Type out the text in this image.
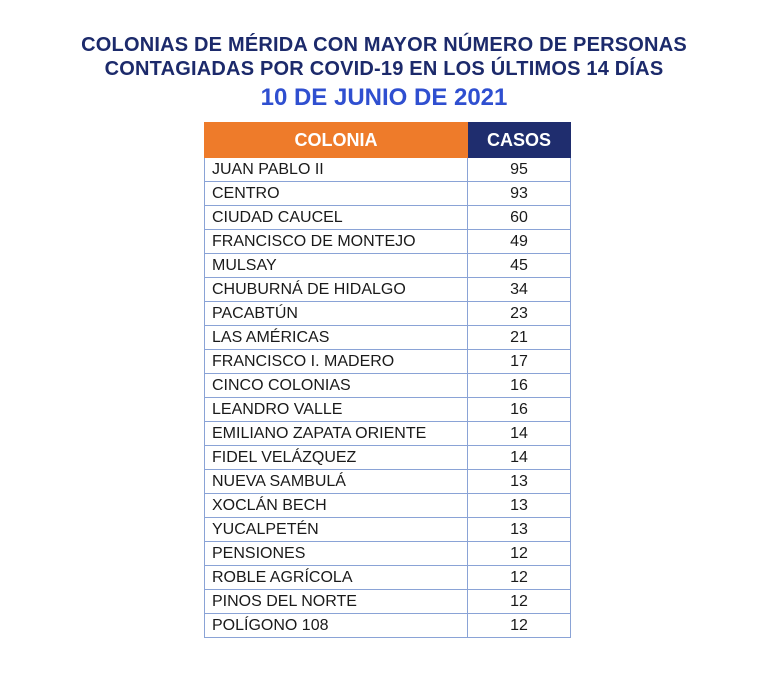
COLONIAS DE MÉRIDA CON MAYOR NÚMERO DE PERSONAS
CONTAGIADAS POR COVID-19 EN LOS ÚLTIMOS 14 DÍAS
10 DE JUNIO DE 2021
COLONIA	CASOS
JUAN PABLO II	95
CENTRO	93
CIUDAD CAUCEL	60
FRANCISCO DE MONTEJO	49
MULSAY	45
CHUBURNÁ DE HIDALGO	34
PACABTÚN	23
LAS AMÉRICAS	21
FRANCISCO I. MADERO	17
CINCO COLONIAS	16
LEANDRO VALLE	16
EMILIANO ZAPATA ORIENTE	14
FIDEL VELÁZQUEZ	14
NUEVA SAMBULÁ	13
XOCLÁN BECH	13
YUCALPETÉN	13
PENSIONES	12
ROBLE AGRÍCOLA	12
PINOS DEL NORTE	12
POLÍGONO 108	12
